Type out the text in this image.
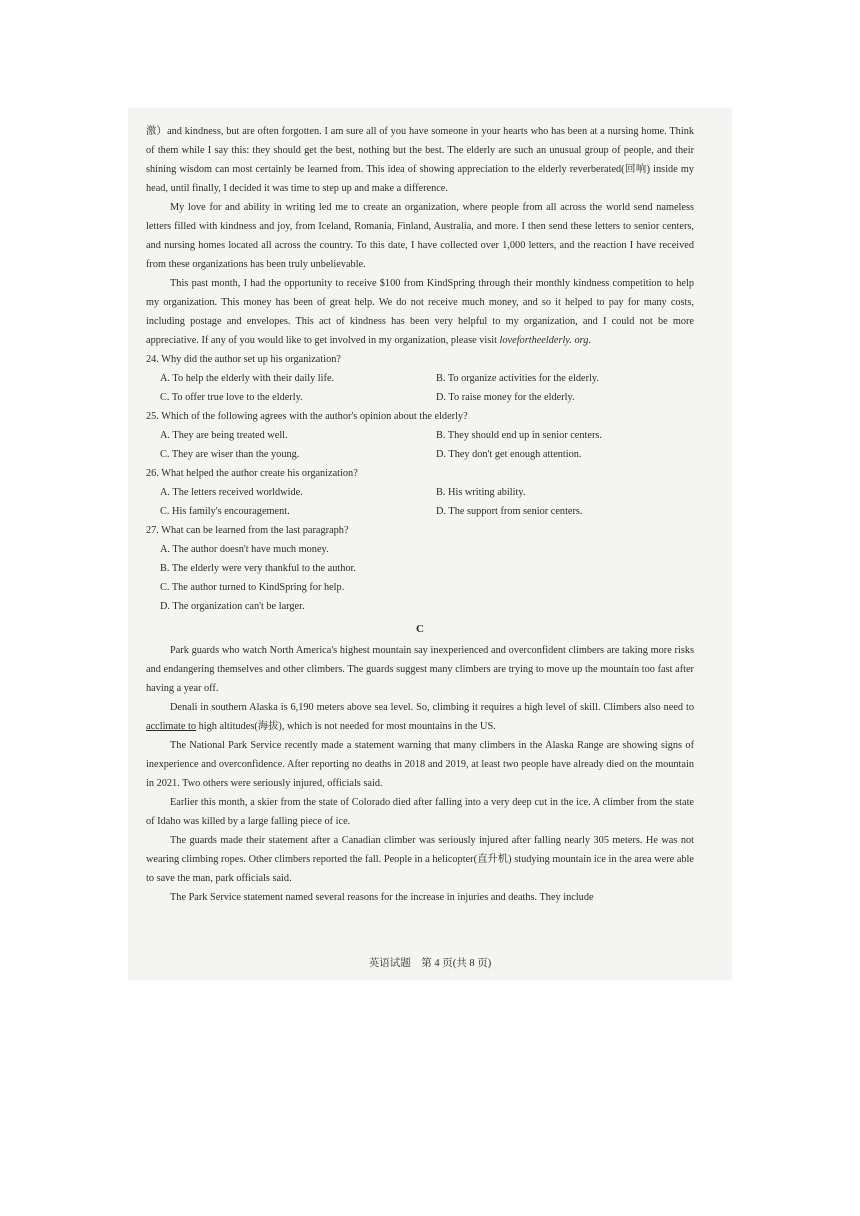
激）and kindness, but are often forgotten. I am sure all of you have someone in your hearts who has been at a nursing home. Think of them while I say this: they should get the best, nothing but the best. The elderly are such an unusual group of people, and their shining wisdom can most certainly be learned from. This idea of showing appreciation to the elderly reverberated(回响) inside my head, until finally, I decided it was time to step up and make a difference.

My love for and ability in writing led me to create an organization, where people from all across the world send nameless letters filled with kindness and joy, from Iceland, Romania, Finland, Australia, and more. I then send these letters to senior centers, and nursing homes located all across the country. To this date, I have collected over 1,000 letters, and the reaction I have received from these organizations has been truly unbelievable.

This past month, I had the opportunity to receive $100 from KindSpring through their monthly kindness competition to help my organization. This money has been of great help. We do not receive much money, and so it helped to pay for many costs, including postage and envelopes. This act of kindness has been very helpful to my organization, and I could not be more appreciative. If any of you would like to get involved in my organization, please visit lovefortheelderly. org.

24. Why did the author set up his organization?

A. To help the elderly with their daily life.	B. To organize activities for the elderly.
C. To offer true love to the elderly.	D. To raise money for the elderly.

25. Which of the following agrees with the author's opinion about the elderly?

A. They are being treated well.	B. They should end up in senior centers.
C. They are wiser than the young.	D. They don't get enough attention.

26. What helped the author create his organization?

A. The letters received worldwide.	B. His writing ability.
C. His family's encouragement.	D. The support from senior centers.

27. What can be learned from the last paragraph?

A. The author doesn't have much money.
B. The elderly were very thankful to the author.
C. The author turned to KindSpring for help.
D. The organization can't be larger.
C

Park guards who watch North America's highest mountain say inexperienced and overconfident climbers are taking more risks and endangering themselves and other climbers. The guards suggest many climbers are trying to move up the mountain too fast after having a year off.

Denali in southern Alaska is 6,190 meters above sea level. So, climbing it requires a high level of skill. Climbers also need to acclimate to high altitudes(海拔), which is not needed for most mountains in the US.

The National Park Service recently made a statement warning that many climbers in the Alaska Range are showing signs of inexperience and overconfidence. After reporting no deaths in 2018 and 2019, at least two people have already died on the mountain in 2021. Two others were seriously injured, officials said.

Earlier this month, a skier from the state of Colorado died after falling into a very deep cut in the ice. A climber from the state of Idaho was killed by a large falling piece of ice.

The guards made their statement after a Canadian climber was seriously injured after falling nearly 305 meters. He was not wearing climbing ropes. Other climbers reported the fall. People in a helicopter(直升机) studying mountain ice in the area were able to save the man, park officials said.

The Park Service statement named several reasons for the increase in injuries and deaths. They include

英语试题　第 4 页(共 8 页)
